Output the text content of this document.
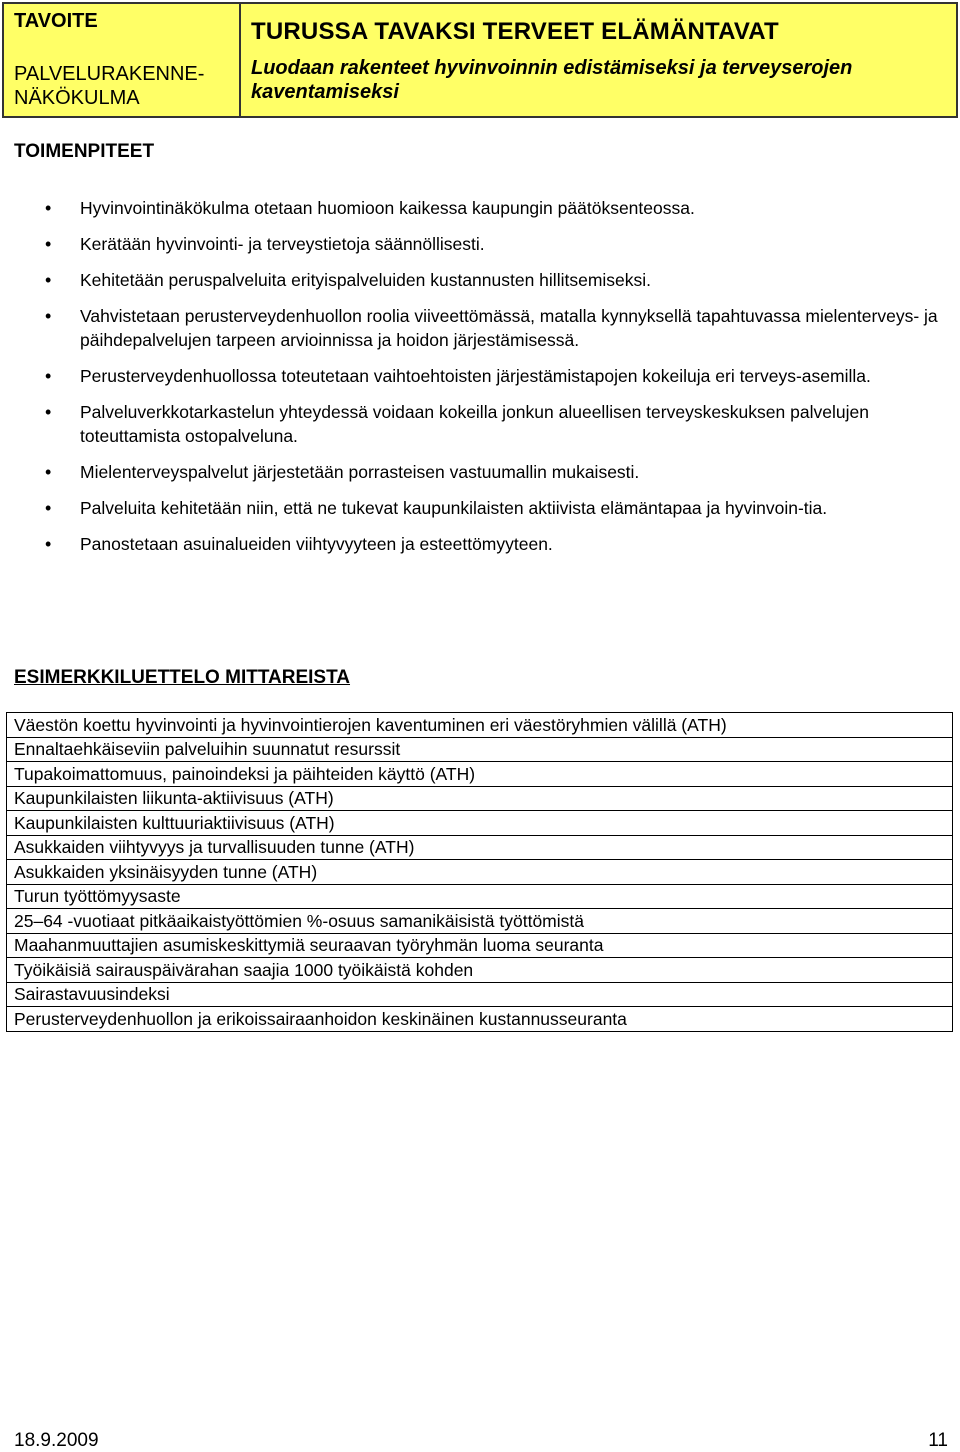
TAVOITE
PALVELURAKENNE-
NÄKÖKULMA
TURUSSA TAVAKSI TERVEET ELÄMÄNTAVAT
Luodaan rakenteet hyvinvoinnin edistämiseksi ja terveyserojen kaventamiseksi
TOIMENPITEET
• Hyvinvointinäkökulma otetaan huomioon kaikessa kaupungin päätöksenteossa.
• Kerätään hyvinvointi- ja terveystietoja säännöllisesti.
• Kehitetään peruspalveluita erityispalveluiden kustannusten hillitsemiseksi.
• Vahvistetaan perusterveydenhuollon roolia viiveettömässä, matalla kynnyksellä tapahtuvassa mielenterveys- ja päihdepalvelujen tarpeen arvioinnissa ja hoidon järjestämisessä.
• Perusterveydenhuollossa toteutetaan vaihtoehtoisten järjestämistapojen kokeiluja eri terveys-asemilla.
• Palveluverkkotarkastelun yhteydessä voidaan kokeilla jonkun alueellisen terveyskeskuksen palvelujen toteuttamista ostopalveluna.
• Mielenterveyspalvelut järjestetään porrasteisen vastuumallin mukaisesti.
• Palveluita kehitetään niin, että ne tukevat kaupunkilaisten aktiivista elämäntapaa ja hyvinvoin-tia.
• Panostetaan asuinalueiden viihtyvyyteen ja esteettömyyteen.
ESIMERKKILUETTELO MITTAREISTA
Väestön koettu hyvinvointi ja hyvinvointierojen kaventuminen eri väestöryhmien välillä (ATH)
Ennaltaehkäiseviin palveluihin suunnatut resurssit
Tupakoimattomuus, painoindeksi ja päihteiden käyttö (ATH)
Kaupunkilaisten liikunta-aktiivisuus (ATH)
Kaupunkilaisten kulttuuriaktiivisuus (ATH)
Asukkaiden viihtyvyys ja turvallisuuden tunne (ATH)
Asukkaiden yksinäisyyden tunne (ATH)
Turun työttömyysaste
25–64 -vuotiaat pitkäaikaistyöttömien %-osuus samanikäisistä työttömistä
Maahanmuuttajien asumiskeskittymiä seuraavan työryhmän luoma seuranta
Työikäisiä sairauspäivärahan saajia 1000 työikäistä kohden
Sairastavuusindeksi
Perusterveydenhuollon ja erikoissairaanhoidon keskinäinen kustannusseuranta
18.9.2009	11
